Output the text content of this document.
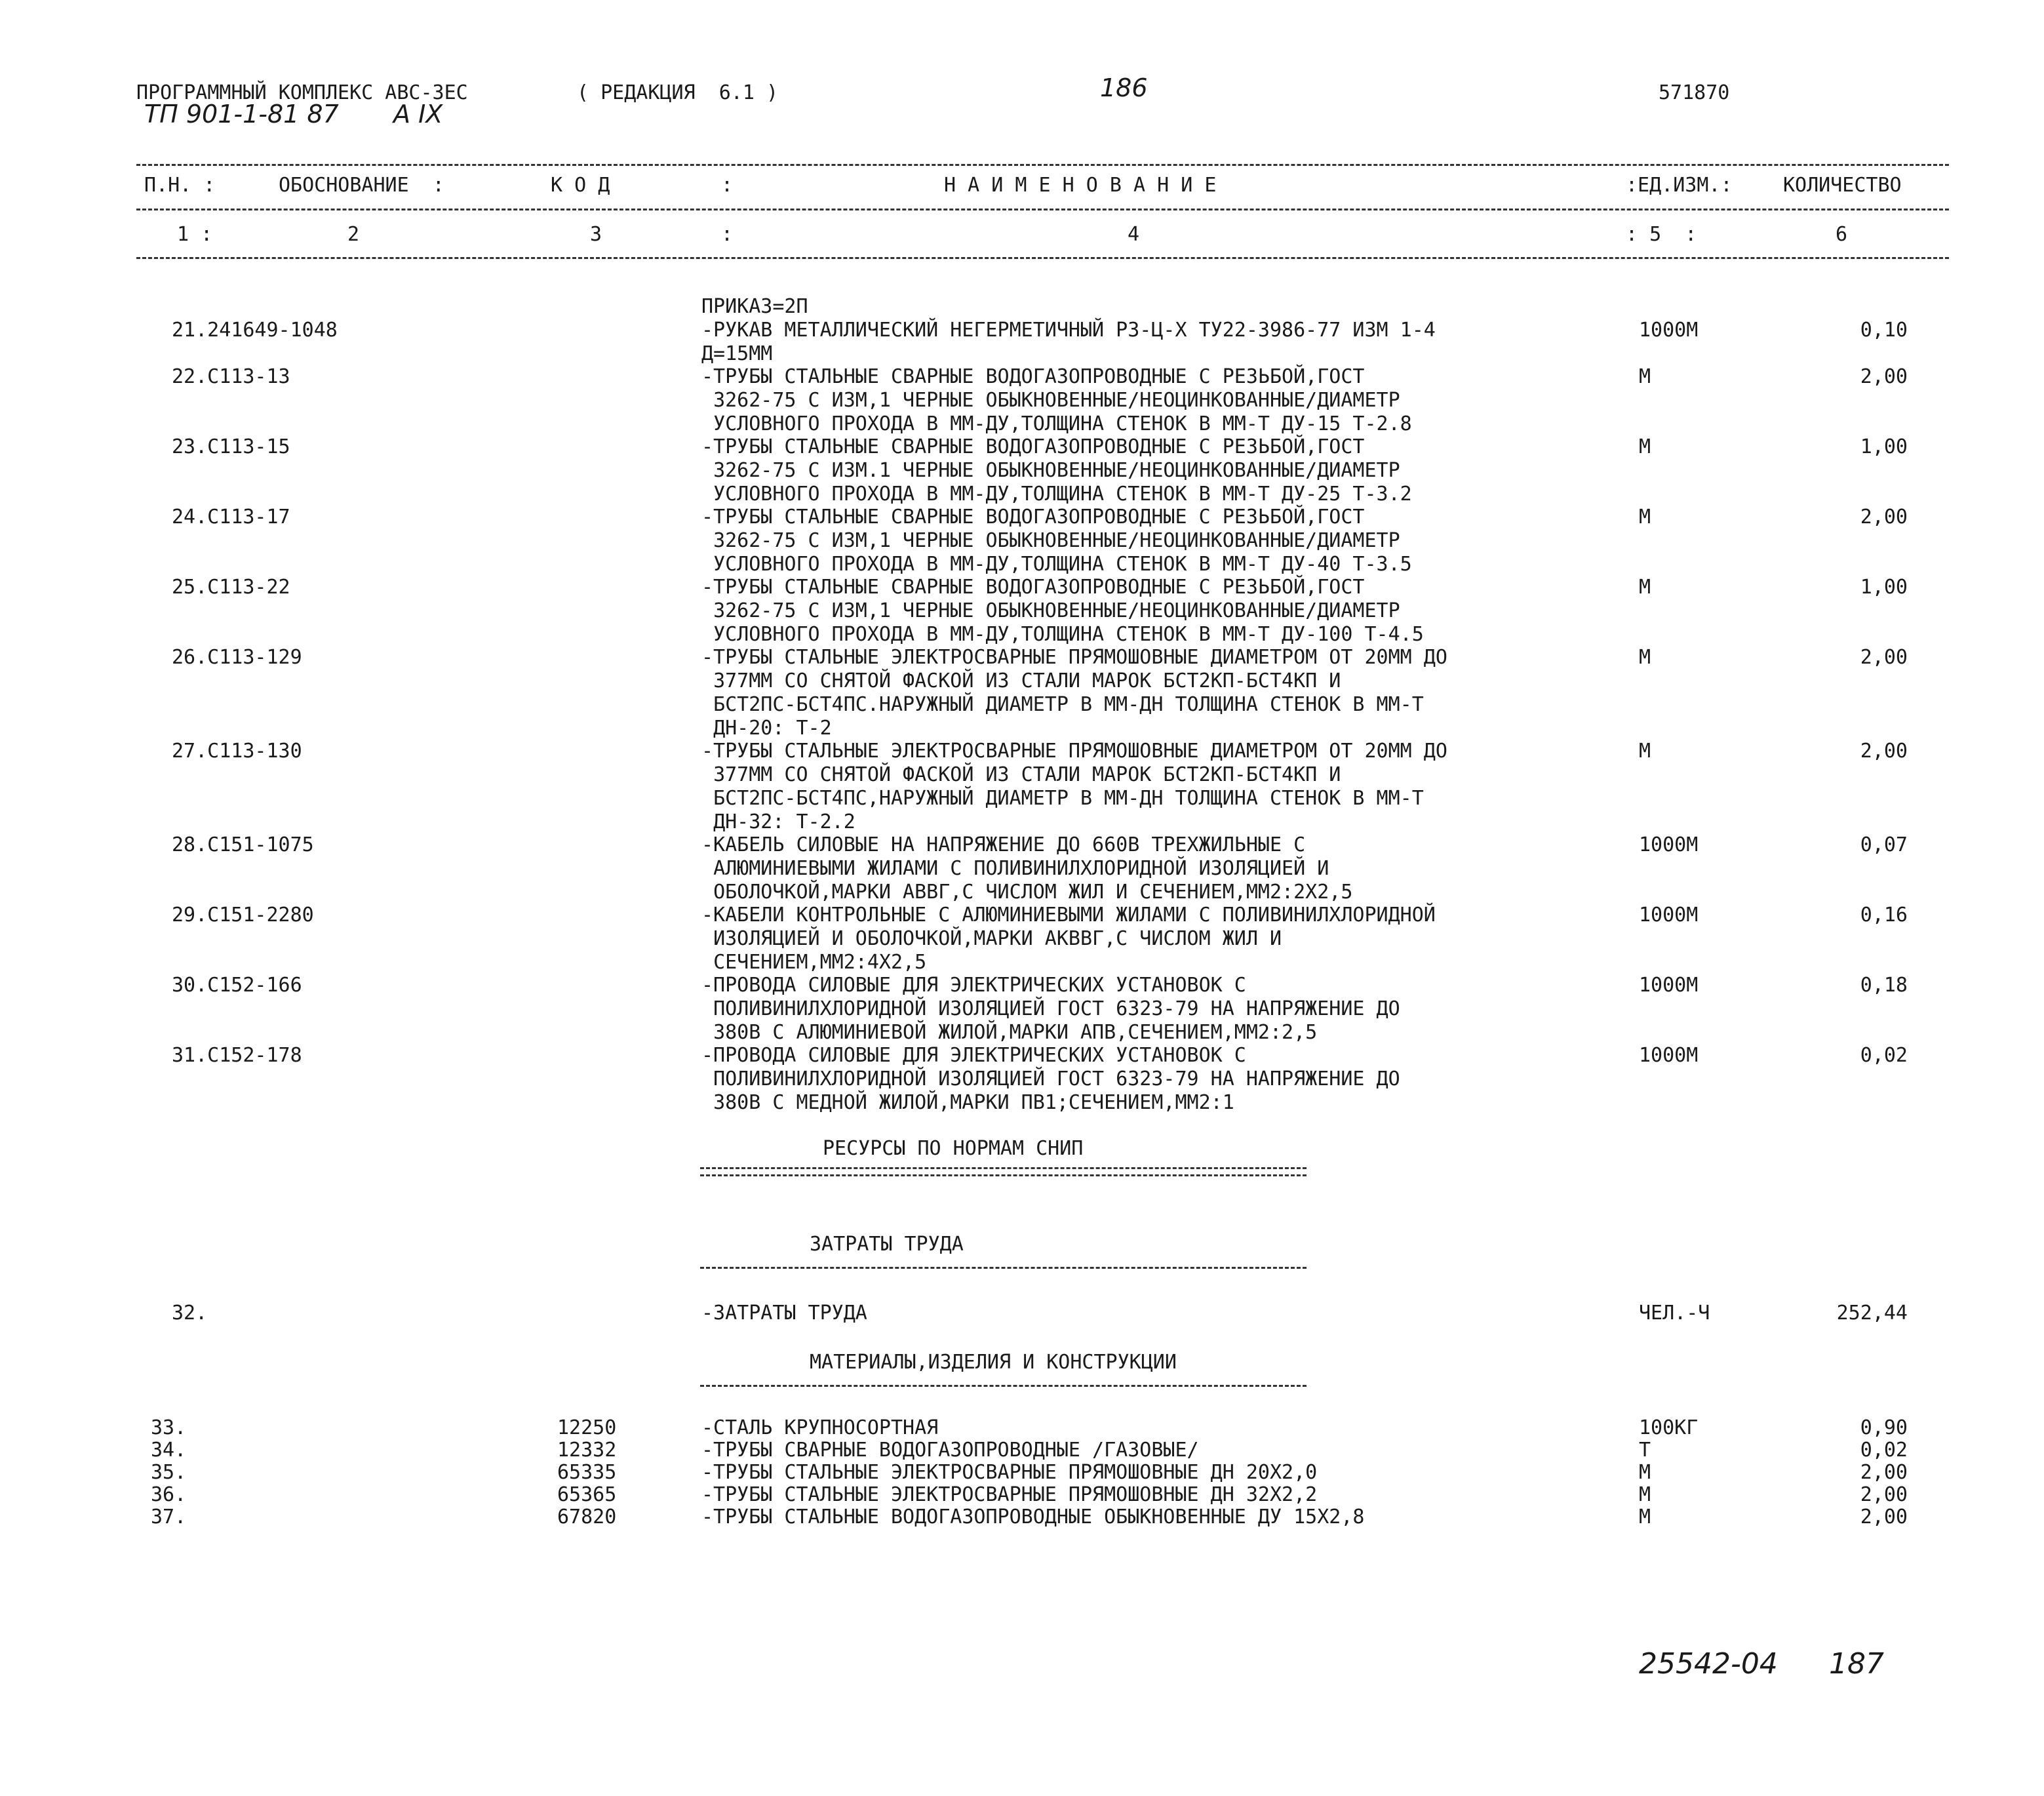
ПРОГРАММНЫЙ КОМПЛЕКС АВС-ЗЕС	( РЕДАКЦИЯ  6.1 )	186	571870
ТП 901-1-81 87 А IX
П.Н. :	ОБОСНОВАНИЕ  :	К О Д	:	Н А И М Е Н О В А Н И Е	:ЕД.ИЗМ.:	КОЛИЧЕСТВО
1 :	2	3	:	4	: 5  :	6
ПРИКАЗ=2П
21.241649-1048	-РУКАВ МЕТАЛЛИЧЕСКИЙ НЕГЕРМЕТИЧНЫЙ РЗ-Ц-Х ТУ22-3986-77 ИЗМ 1-4
Д=15ММ
1000М	0,10
22.С113-13	-ТРУБЫ СТАЛЬНЫЕ СВАРНЫЕ ВОДОГАЗОПРОВОДНЫЕ С РЕЗЬБОЙ,ГОСТ
3262-75 С ИЗМ,1 ЧЕРНЫЕ ОБЫКНОВЕННЫЕ/НЕОЦИНКОВАННЫЕ/ДИАМЕТР
УСЛОВНОГО ПРОХОДА В ММ-ДУ,ТОЛЩИНА СТЕНОК В ММ-Т ДУ-15 Т-2.8
М	2,00
23.С113-15	-ТРУБЫ СТАЛЬНЫЕ СВАРНЫЕ ВОДОГАЗОПРОВОДНЫЕ С РЕЗЬБОЙ,ГОСТ
3262-75 С ИЗМ.1 ЧЕРНЫЕ ОБЫКНОВЕННЫЕ/НЕОЦИНКОВАННЫЕ/ДИАМЕТР
УСЛОВНОГО ПРОХОДА В ММ-ДУ,ТОЛЩИНА СТЕНОК В ММ-Т ДУ-25 Т-3.2
М	1,00
24.С113-17	-ТРУБЫ СТАЛЬНЫЕ СВАРНЫЕ ВОДОГАЗОПРОВОДНЫЕ С РЕЗЬБОЙ,ГОСТ
3262-75 С ИЗМ,1 ЧЕРНЫЕ ОБЫКНОВЕННЫЕ/НЕОЦИНКОВАННЫЕ/ДИАМЕТР
УСЛОВНОГО ПРОХОДА В ММ-ДУ,ТОЛЩИНА СТЕНОК В ММ-Т ДУ-40 Т-3.5
М	2,00
25.С113-22	-ТРУБЫ СТАЛЬНЫЕ СВАРНЫЕ ВОДОГАЗОПРОВОДНЫЕ С РЕЗЬБОЙ,ГОСТ
3262-75 С ИЗМ,1 ЧЕРНЫЕ ОБЫКНОВЕННЫЕ/НЕОЦИНКОВАННЫЕ/ДИАМЕТР
УСЛОВНОГО ПРОХОДА В ММ-ДУ,ТОЛЩИНА СТЕНОК В ММ-Т ДУ-100 Т-4.5
М	1,00
26.С113-129	-ТРУБЫ СТАЛЬНЫЕ ЭЛЕКТРОСВАРНЫЕ ПРЯМОШОВНЫЕ ДИАМЕТРОМ ОТ 20ММ ДО
377ММ СО СНЯТОЙ ФАСКОЙ ИЗ СТАЛИ МАРОК БСТ2КП-БСТ4КП И
БСТ2ПС-БСТ4ПС.НАРУЖНЫЙ ДИАМЕТР В ММ-ДН ТОЛЩИНА СТЕНОК В ММ-Т
ДН-20: Т-2
М	2,00
27.С113-130	-ТРУБЫ СТАЛЬНЫЕ ЭЛЕКТРОСВАРНЫЕ ПРЯМОШОВНЫЕ ДИАМЕТРОМ ОТ 20ММ ДО
377ММ СО СНЯТОЙ ФАСКОЙ ИЗ СТАЛИ МАРОК БСТ2КП-БСТ4КП И
БСТ2ПС-БСТ4ПС,НАРУЖНЫЙ ДИАМЕТР В ММ-ДН ТОЛЩИНА СТЕНОК В ММ-Т
ДН-32: Т-2.2
М	2,00
28.С151-1075	-КАБЕЛЬ СИЛОВЫЕ НА НАПРЯЖЕНИЕ ДО 660В ТРЕХЖИЛЬНЫЕ С
АЛЮМИНИЕВЫМИ ЖИЛАМИ С ПОЛИВИНИЛХЛОРИДНОЙ ИЗОЛЯЦИЕЙ И
ОБОЛОЧКОЙ,МАРКИ АВВГ,С ЧИСЛОМ ЖИЛ И СЕЧЕНИЕМ,ММ2:2Х2,5
1000М	0,07
29.С151-2280	-КАБЕЛИ КОНТРОЛЬНЫЕ С АЛЮМИНИЕВЫМИ ЖИЛАМИ С ПОЛИВИНИЛХЛОРИДНОЙ
ИЗОЛЯЦИЕЙ И ОБОЛОЧКОЙ,МАРКИ АКВВГ,С ЧИСЛОМ ЖИЛ И
СЕЧЕНИЕМ,ММ2:4Х2,5
1000М	0,16
30.С152-166	-ПРОВОДА СИЛОВЫЕ ДЛЯ ЭЛЕКТРИЧЕСКИХ УСТАНОВОК С
ПОЛИВИНИЛХЛОРИДНОЙ ИЗОЛЯЦИЕЙ ГОСТ 6323-79 НА НАПРЯЖЕНИЕ ДО
380В С АЛЮМИНИЕВОЙ ЖИЛОЙ,МАРКИ АПВ,СЕЧЕНИЕМ,ММ2:2,5
1000М	0,18
31.С152-178	-ПРОВОДА СИЛОВЫЕ ДЛЯ ЭЛЕКТРИЧЕСКИХ УСТАНОВОК С
ПОЛИВИНИЛХЛОРИДНОЙ ИЗОЛЯЦИЕЙ ГОСТ 6323-79 НА НАПРЯЖЕНИЕ ДО
380В С МЕДНОЙ ЖИЛОЙ,МАРКИ ПВ1;СЕЧЕНИЕМ,ММ2:1
1000М	0,02
РЕСУРСЫ ПО НОРМАМ СНИП
ЗАТРАТЫ ТРУДА
32.	-ЗАТРАТЫ ТРУДА	ЧЕЛ.-Ч	252,44
МАТЕРИАЛЫ,ИЗДЕЛИЯ И КОНСТРУКЦИИ
33.	12250	-СТАЛЬ КРУПНОСОРТНАЯ	100КГ	0,90
34.	12332	-ТРУБЫ СВАРНЫЕ ВОДОГАЗОПРОВОДНЫЕ /ГАЗОВЫЕ/	Т	0,02
35.	65335	-ТРУБЫ СТАЛЬНЫЕ ЭЛЕКТРОСВАРНЫЕ ПРЯМОШОВНЫЕ ДН 20Х2,0	М	2,00
36.	65365	-ТРУБЫ СТАЛЬНЫЕ ЭЛЕКТРОСВАРНЫЕ ПРЯМОШОВНЫЕ ДН 32Х2,2	М	2,00
37.	67820	-ТРУБЫ СТАЛЬНЫЕ ВОДОГАЗОПРОВОДНЫЕ ОБЫКНОВЕННЫЕ ДУ 15Х2,8	М	2,00
25542-04 187
